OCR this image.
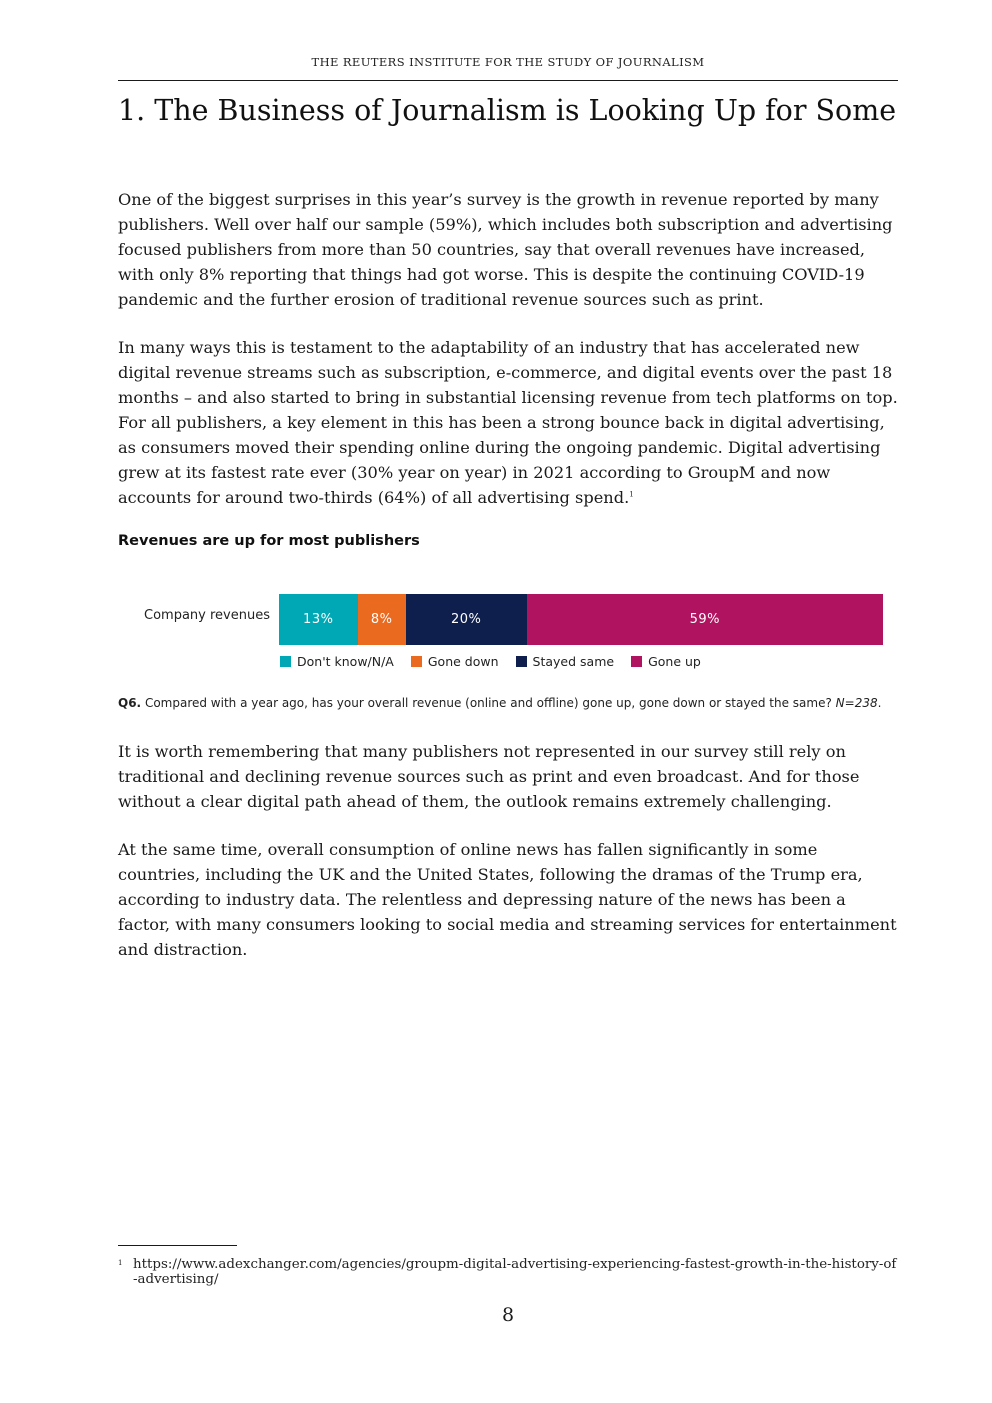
THE REUTERS INSTITUTE FOR THE STUDY OF JOURNALISM
1. The Business of Journalism is Looking Up for Some

One of the biggest surprises in this year’s survey is the growth in revenue reported by many publishers. Well over half our sample (59%), which includes both subscription and advertising focused publishers from more than 50 countries, say that overall revenues have increased, with only 8% reporting that things had got worse. This is despite the continuing COVID-19 pandemic and the further erosion of traditional revenue sources such as print.

In many ways this is testament to the adaptability of an industry that has accelerated new digital revenue streams such as subscription, e-commerce, and digital events over the past 18 months – and also started to bring in substantial licensing revenue from tech platforms on top. For all publishers, a key element in this has been a strong bounce back in digital advertising, as consumers moved their spending online during the ongoing pandemic. Digital advertising grew at its fastest rate ever (30% year on year) in 2021 according to GroupM and now accounts for around two-thirds (64%) of all advertising spend.$^1$

Revenues are up for most publishers
Company revenues	13%	8%	20%	59%
Don't know/N/A	Gone down	Stayed same	Gone up
Q6. Compared with a year ago, has your overall revenue (online and offline) gone up, gone down or stayed the same? N=238.

It is worth remembering that many publishers not represented in our survey still rely on traditional and declining revenue sources such as print and even broadcast. And for those without a clear digital path ahead of them, the outlook remains extremely challenging.

At the same time, overall consumption of online news has fallen significantly in some countries, including the UK and the United States, following the dramas of the Trump era, according to industry data. The relentless and depressing nature of the news has been a factor, with many consumers looking to social media and streaming services for entertainment and distraction.

1 https://www.adexchanger.com/agencies/groupm-digital-advertising-experiencing-fastest-growth-in-the-history-of-advertising/
8
